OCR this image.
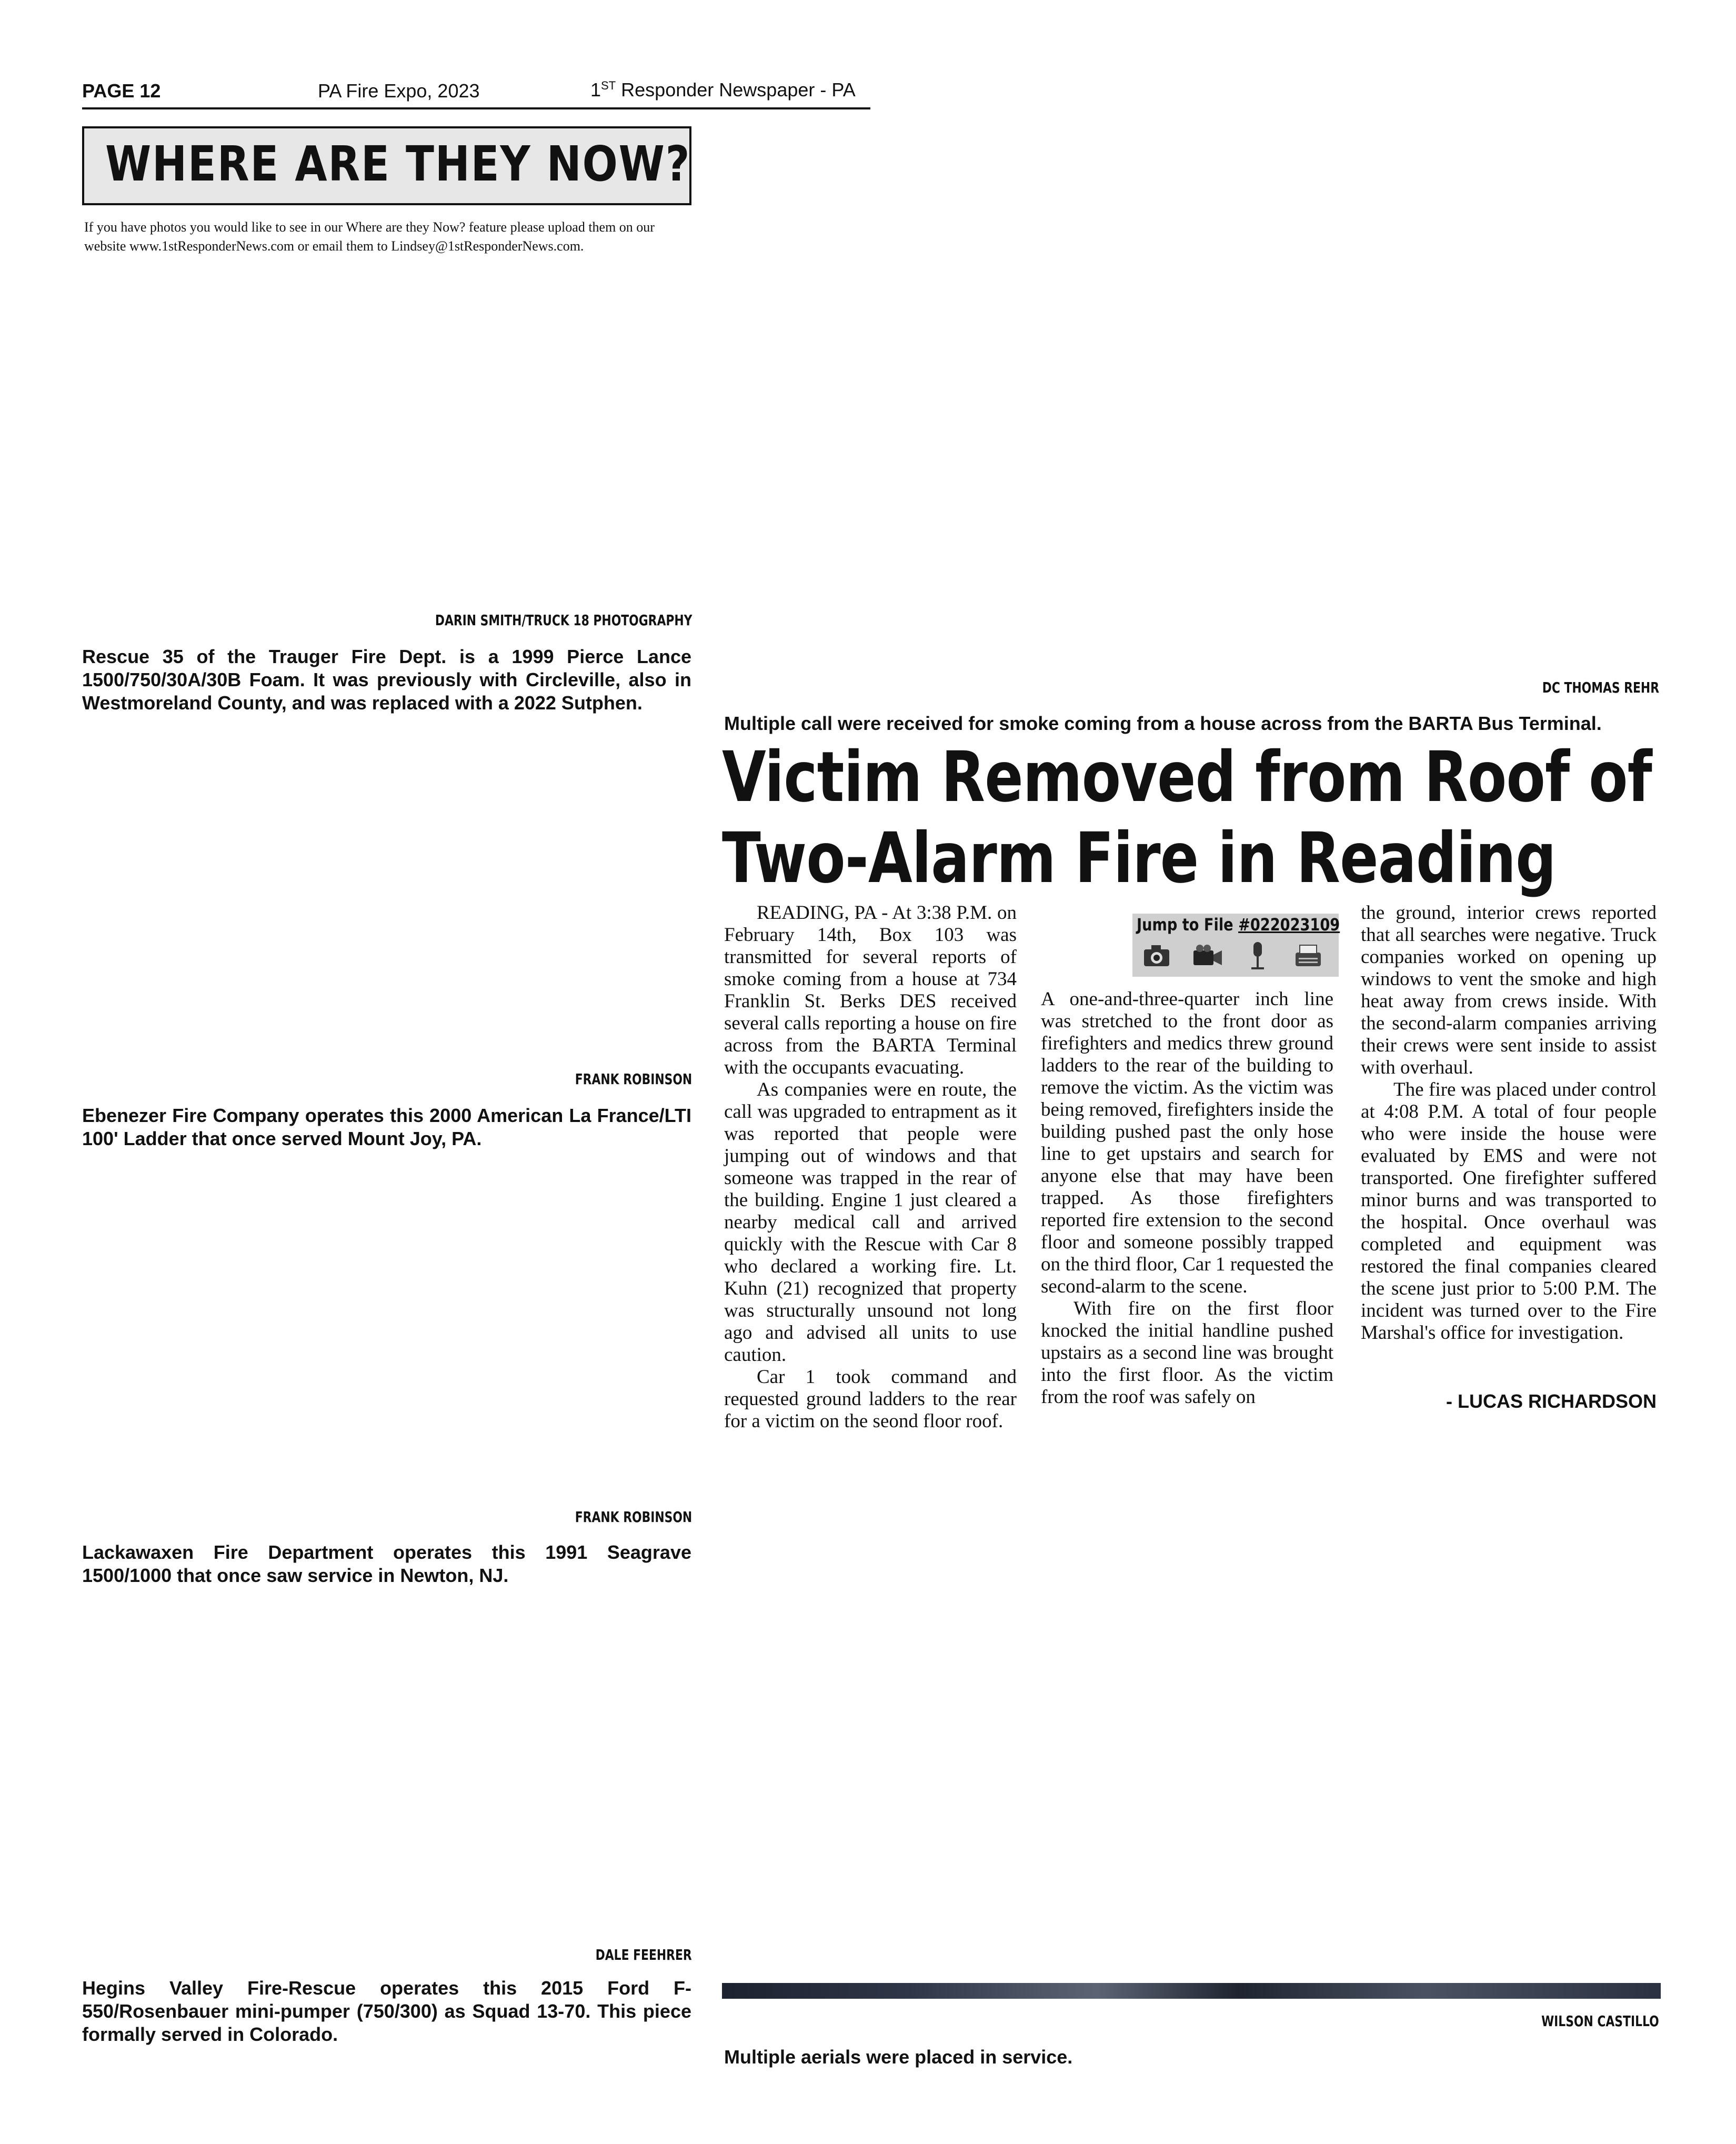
PAGE 12	PA Fire Expo, 2023	1ST Responder Newspaper - PA
WHERE ARE THEY NOW?
If you have photos you would like to see in our Where are they Now? feature please upload them on our website www.1stResponderNews.com or email them to Lindsey@1stResponderNews.com.
DARIN SMITH/TRUCK 18 PHOTOGRAPHY
Rescue 35 of the Trauger Fire Dept. is a 1999 Pierce Lance 1500/750/30A/30B Foam. It was previously with Circleville, also in Westmoreland County, and was replaced with a 2022 Sutphen.
FRANK ROBINSON
Ebenezer Fire Company operates this 2000 American La France/LTI 100' Ladder that once served Mount Joy, PA.
FRANK ROBINSON
Lackawaxen Fire Department operates this 1991 Seagrave 1500/1000 that once saw service in Newton, NJ.
DALE FEEHRER
Hegins Valley Fire-Rescue operates this 2015 Ford F-550/Rosenbauer mini-pumper (750/300) as Squad 13-70. This piece formally served in Colorado.
DC THOMAS REHR
Multiple call were received for smoke coming from a house across from the BARTA Bus Terminal.
Victim Removed from Roof of Two-Alarm Fire in Reading

READING, PA - At 3:38 P.M. on February 14th, Box 103 was transmitted for several reports of smoke coming from a house at 734 Franklin St. Berks DES received several calls reporting a house on fire across from the BARTA Terminal with the occupants evacuating.

As companies were en route, the call was upgraded to entrapment as it was reported that people were jumping out of windows and that someone was trapped in the rear of the building. Engine 1 just cleared a nearby medical call and arrived quickly with the Rescue with Car 8 who declared a working fire. Lt. Kuhn (21) recognized that property was structurally unsound not long ago and advised all units to use caution.

Car 1 took command and requested ground ladders to the rear for a victim on the seond floor roof.

Jump to File #022023109

A one-and-three-quarter inch line was stretched to the front door as firefighters and medics threw ground ladders to the rear of the building to remove the victim. As the victim was being removed, firefighters inside the building pushed past the only hose line to get upstairs and search for anyone else that may have been trapped. As those firefighters reported fire extension to the second floor and someone possibly trapped on the third floor, Car 1 requested the second-alarm to the scene.

With fire on the first floor knocked the initial handline pushed upstairs as a second line was brought into the first floor. As the victim from the roof was safely on

the ground, interior crews reported that all searches were negative. Truck companies worked on opening up windows to vent the smoke and high heat away from crews inside. With the second-alarm companies arriving their crews were sent inside to assist with overhaul.

The fire was placed under control at 4:08 P.M. A total of four people who were inside the house were evaluated by EMS and were not transported. One firefighter suffered minor burns and was transported to the hospital. Once overhaul was completed and equipment was restored the final companies cleared the scene just prior to 5:00 P.M. The incident was turned over to the Fire Marshal's office for investigation.

- LUCAS RICHARDSON
WILSON CASTILLO
Multiple aerials were placed in service.
